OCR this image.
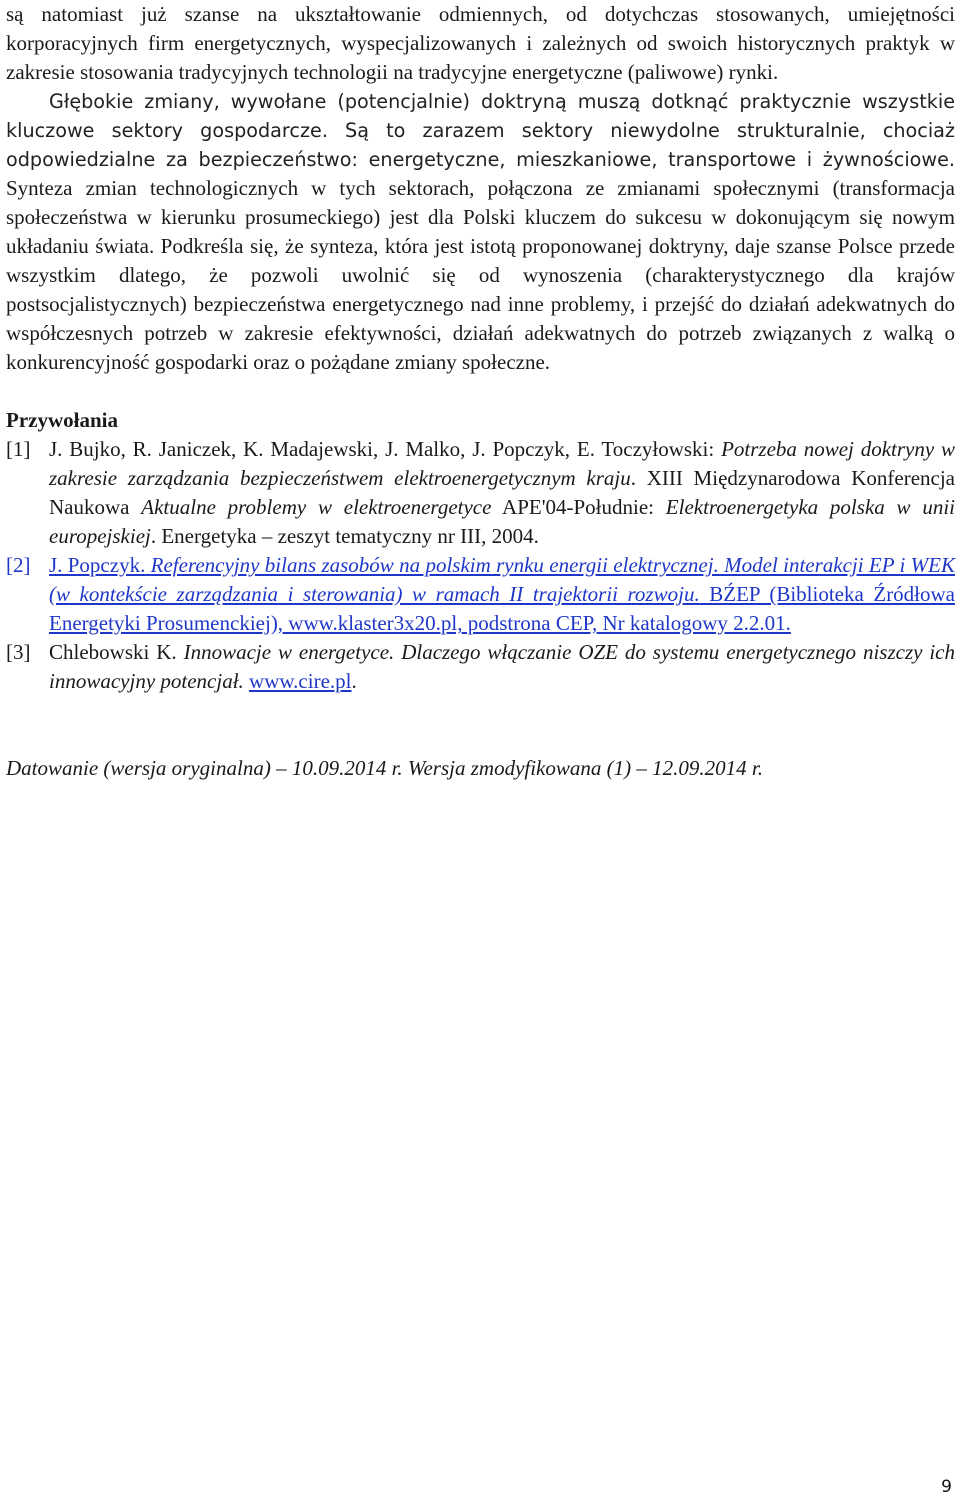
są natomiast już szanse na ukształtowanie odmiennych, od dotychczas stosowanych, umiejętności korporacyjnych firm energetycznych, wyspecjalizowanych i zależnych od swoich historycznych praktyk w zakresie stosowania tradycyjnych technologii na tradycyjne energetyczne (paliwowe) rynki.

Głębokie zmiany, wywołane (potencjalnie) doktryną muszą dotknąć praktycznie wszystkie kluczowe sektory gospodarcze. Są to zarazem sektory niewydolne strukturalnie, chociaż odpowiedzialne za bezpieczeństwo: energetyczne, mieszkaniowe, transportowe i żywnościowe. Synteza zmian technologicznych w tych sektorach, połączona ze zmianami społecznymi (transformacja społeczeństwa w kierunku prosumeckiego) jest dla Polski kluczem do sukcesu w dokonującym się nowym układaniu świata. Podkreśla się, że synteza, która jest istotą proponowanej doktryny, daje szanse Polsce przede wszystkim dlatego, że pozwoli uwolnić się od wynoszenia (charakterystycznego dla krajów postsocjalistycznych) bezpieczeństwa energetycznego nad inne problemy, i przejść do działań adekwatnych do współczesnych potrzeb w zakresie efektywności, działań adekwatnych do potrzeb związanych z walką o konkurencyjność gospodarki oraz o pożądane zmiany społeczne.

Przywołania
[1] J. Bujko, R. Janiczek, K. Madajewski, J. Malko, J. Popczyk, E. Toczyłowski: Potrzeba nowej doktryny w zakresie zarządzania bezpieczeństwem elektroenergetycznym kraju. XIII Międzynarodowa Konferencja Naukowa Aktualne problemy w elektroenergetyce APE'04-Południe: Elektroenergetyka polska w unii europejskiej. Energetyka – zeszyt tematyczny nr III, 2004.
[2] J. Popczyk. Referencyjny bilans zasobów na polskim rynku energii elektrycznej. Model interakcji EP i WEK (w kontekście zarządzania i sterowania) w ramach II trajektorii rozwoju. BŹEP (Biblioteka Źródłowa Energetyki Prosumenckiej), www.klaster3x20.pl, podstrona CEP, Nr katalogowy 2.2.01.
[3] Chlebowski K. Innowacje w energetyce. Dlaczego włączanie OZE do systemu energetycznego niszczy ich innowacyjny potencjał. www.cire.pl.
Datowanie (wersja oryginalna) – 10.09.2014 r. Wersja zmodyfikowana (1) – 12.09.2014 r.
9
